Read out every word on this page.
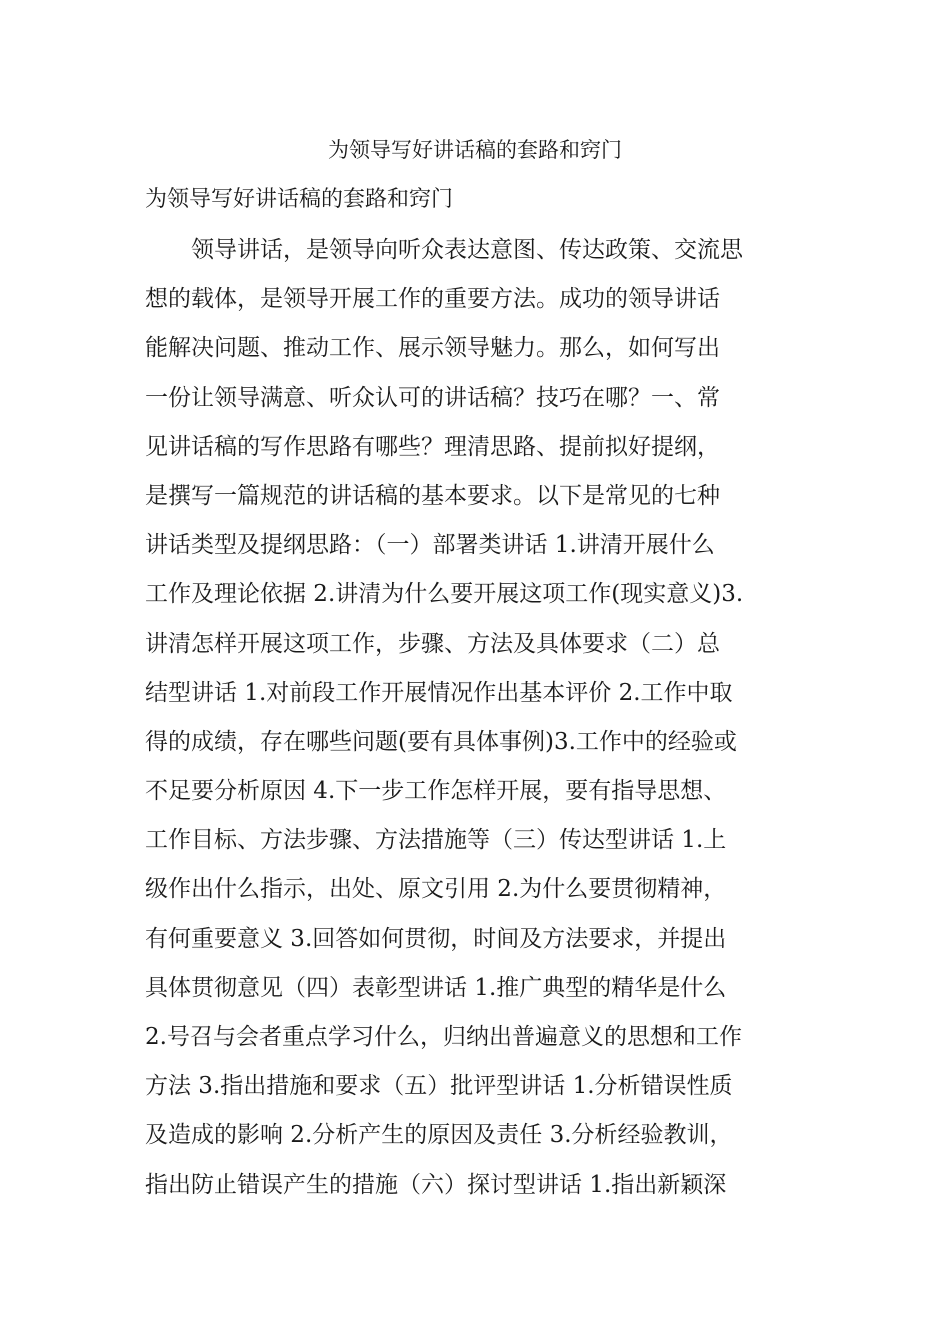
为领导写好讲话稿的套路和窍门
为领导写好讲话稿的套路和窍门
领导讲话，是领导向听众表达意图、传达政策、交流思
想的载体，是领导开展工作的重要方法。成功的领导讲话
能解决问题、推动工作、展示领导魅力。那么，如何写出
一份让领导满意、听众认可的讲话稿？技巧在哪？一、常
见讲话稿的写作思路有哪些？理清思路、提前拟好提纲，
是撰写一篇规范的讲话稿的基本要求。以下是常见的七种
讲话类型及提纲思路：（一）部署类讲话 1.讲清开展什么
工作及理论依据 2.讲清为什么要开展这项工作(现实意义)3.
讲清怎样开展这项工作，步骤、方法及具体要求（二）总
结型讲话 1.对前段工作开展情况作出基本评价 2.工作中取
得的成绩，存在哪些问题(要有具体事例)3.工作中的经验或
不足要分析原因 4.下一步工作怎样开展，要有指导思想、
工作目标、方法步骤、方法措施等（三）传达型讲话 1.上
级作出什么指示，出处、原文引用 2.为什么要贯彻精神，
有何重要意义 3.回答如何贯彻，时间及方法要求，并提出
具体贯彻意见（四）表彰型讲话 1.推广典型的精华是什么
2.号召与会者重点学习什么，归纳出普遍意义的思想和工作
方法 3.指出措施和要求（五）批评型讲话 1.分析错误性质
及造成的影响 2.分析产生的原因及责任 3.分析经验教训，
指出防止错误产生的措施（六）探讨型讲话 1.指出新颖深
